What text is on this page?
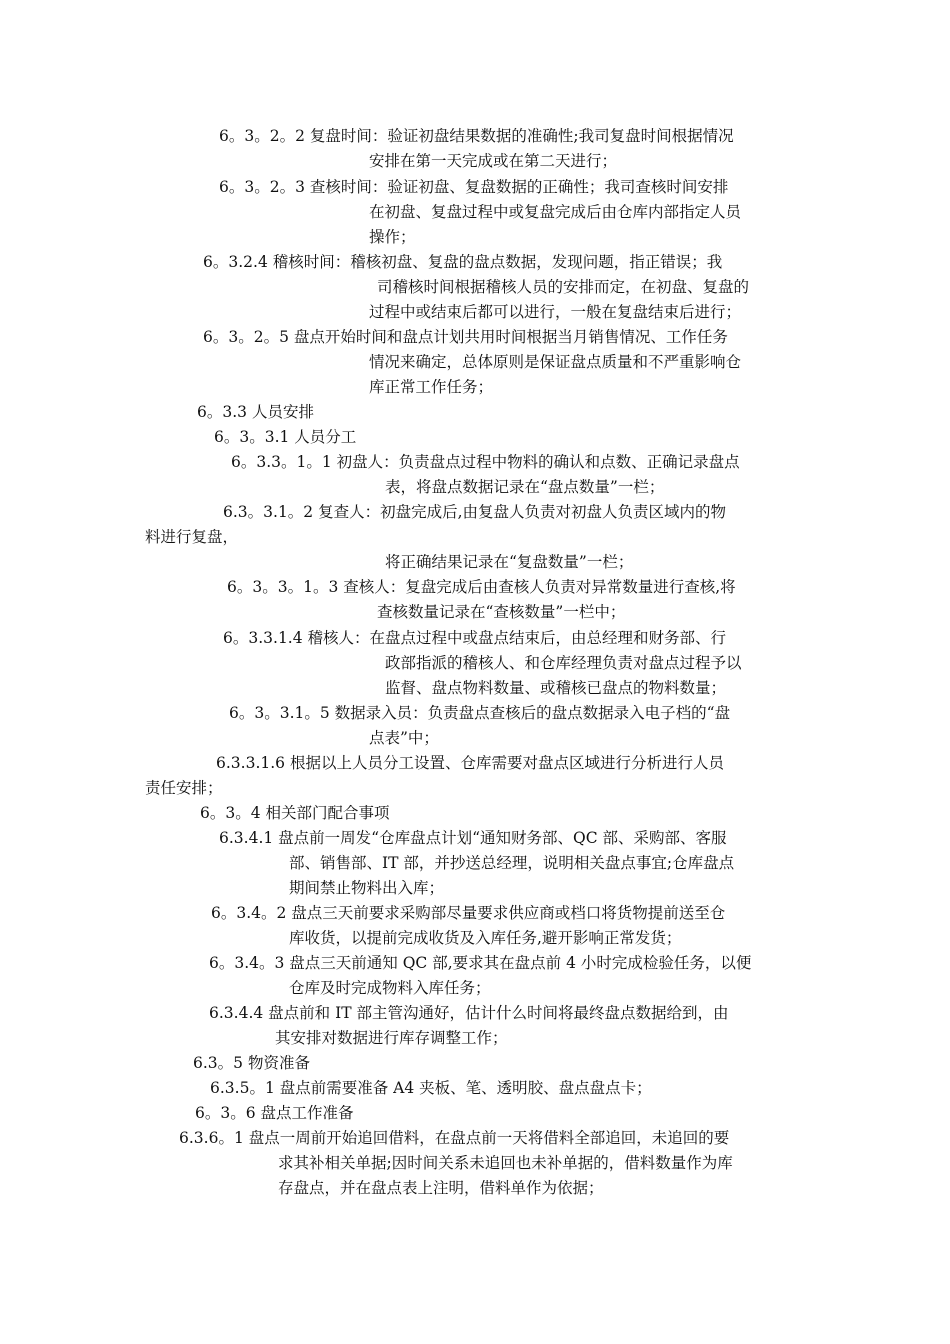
6。3。2。2 复盘时间：验证初盘结果数据的准确性;我司复盘时间根据情况
安排在第一天完成或在第二天进行；
6。3。2。3 查核时间：验证初盘、复盘数据的正确性；我司查核时间安排
在初盘、复盘过程中或复盘完成后由仓库内部指定人员
操作；
6。3.2.4 稽核时间：稽核初盘、复盘的盘点数据，发现问题，指正错误；我
司稽核时间根据稽核人员的安排而定，在初盘、复盘的
过程中或结束后都可以进行，一般在复盘结束后进行；
6。3。2。5 盘点开始时间和盘点计划共用时间根据当月销售情况、工作任务
情况来确定，总体原则是保证盘点质量和不严重影响仓
库正常工作任务；
6。3.3 人员安排
6。3。3.1 人员分工
6。3.3。1。1 初盘人：负责盘点过程中物料的确认和点数、正确记录盘点
表，将盘点数据记录在“盘点数量”一栏；
6.3。3.1。2 复查人：初盘完成后,由复盘人负责对初盘人负责区域内的物
料进行复盘，
将正确结果记录在“复盘数量”一栏；
6。3。3。1。3 查核人：复盘完成后由查核人负责对异常数量进行查核,将
查核数量记录在“查核数量”一栏中；
6。3.3.1.4 稽核人：在盘点过程中或盘点结束后，由总经理和财务部、行
政部指派的稽核人、和仓库经理负责对盘点过程予以
监督、盘点物料数量、或稽核已盘点的物料数量；
6。3。3.1。5 数据录入员：负责盘点查核后的盘点数据录入电子档的“盘
点表”中；
6.3.3.1.6 根据以上人员分工设置、仓库需要对盘点区域进行分析进行人员
责任安排；
6。3。4 相关部门配合事项
6.3.4.1 盘点前一周发“仓库盘点计划“通知财务部、QC 部、采购部、客服
部、销售部、IT 部，并抄送总经理，说明相关盘点事宜;仓库盘点
期间禁止物料出入库；
6。3.4。2 盘点三天前要求采购部尽量要求供应商或档口将货物提前送至仓
库收货，以提前完成收货及入库任务,避开影响正常发货；
6。3.4。3 盘点三天前通知 QC 部,要求其在盘点前 4 小时完成检验任务，以便
仓库及时完成物料入库任务；
6.3.4.4 盘点前和 IT 部主管沟通好，估计什么时间将最终盘点数据给到，由
其安排对数据进行库存调整工作；
6.3。5 物资准备
6.3.5。1 盘点前需要准备 A4 夹板、笔、透明胶、盘点盘点卡；
6。3。6 盘点工作准备
6.3.6。1 盘点一周前开始追回借料，在盘点前一天将借料全部追回，未追回的要
求其补相关单据;因时间关系未追回也未补单据的，借料数量作为库
存盘点，并在盘点表上注明，借料单作为依据；
